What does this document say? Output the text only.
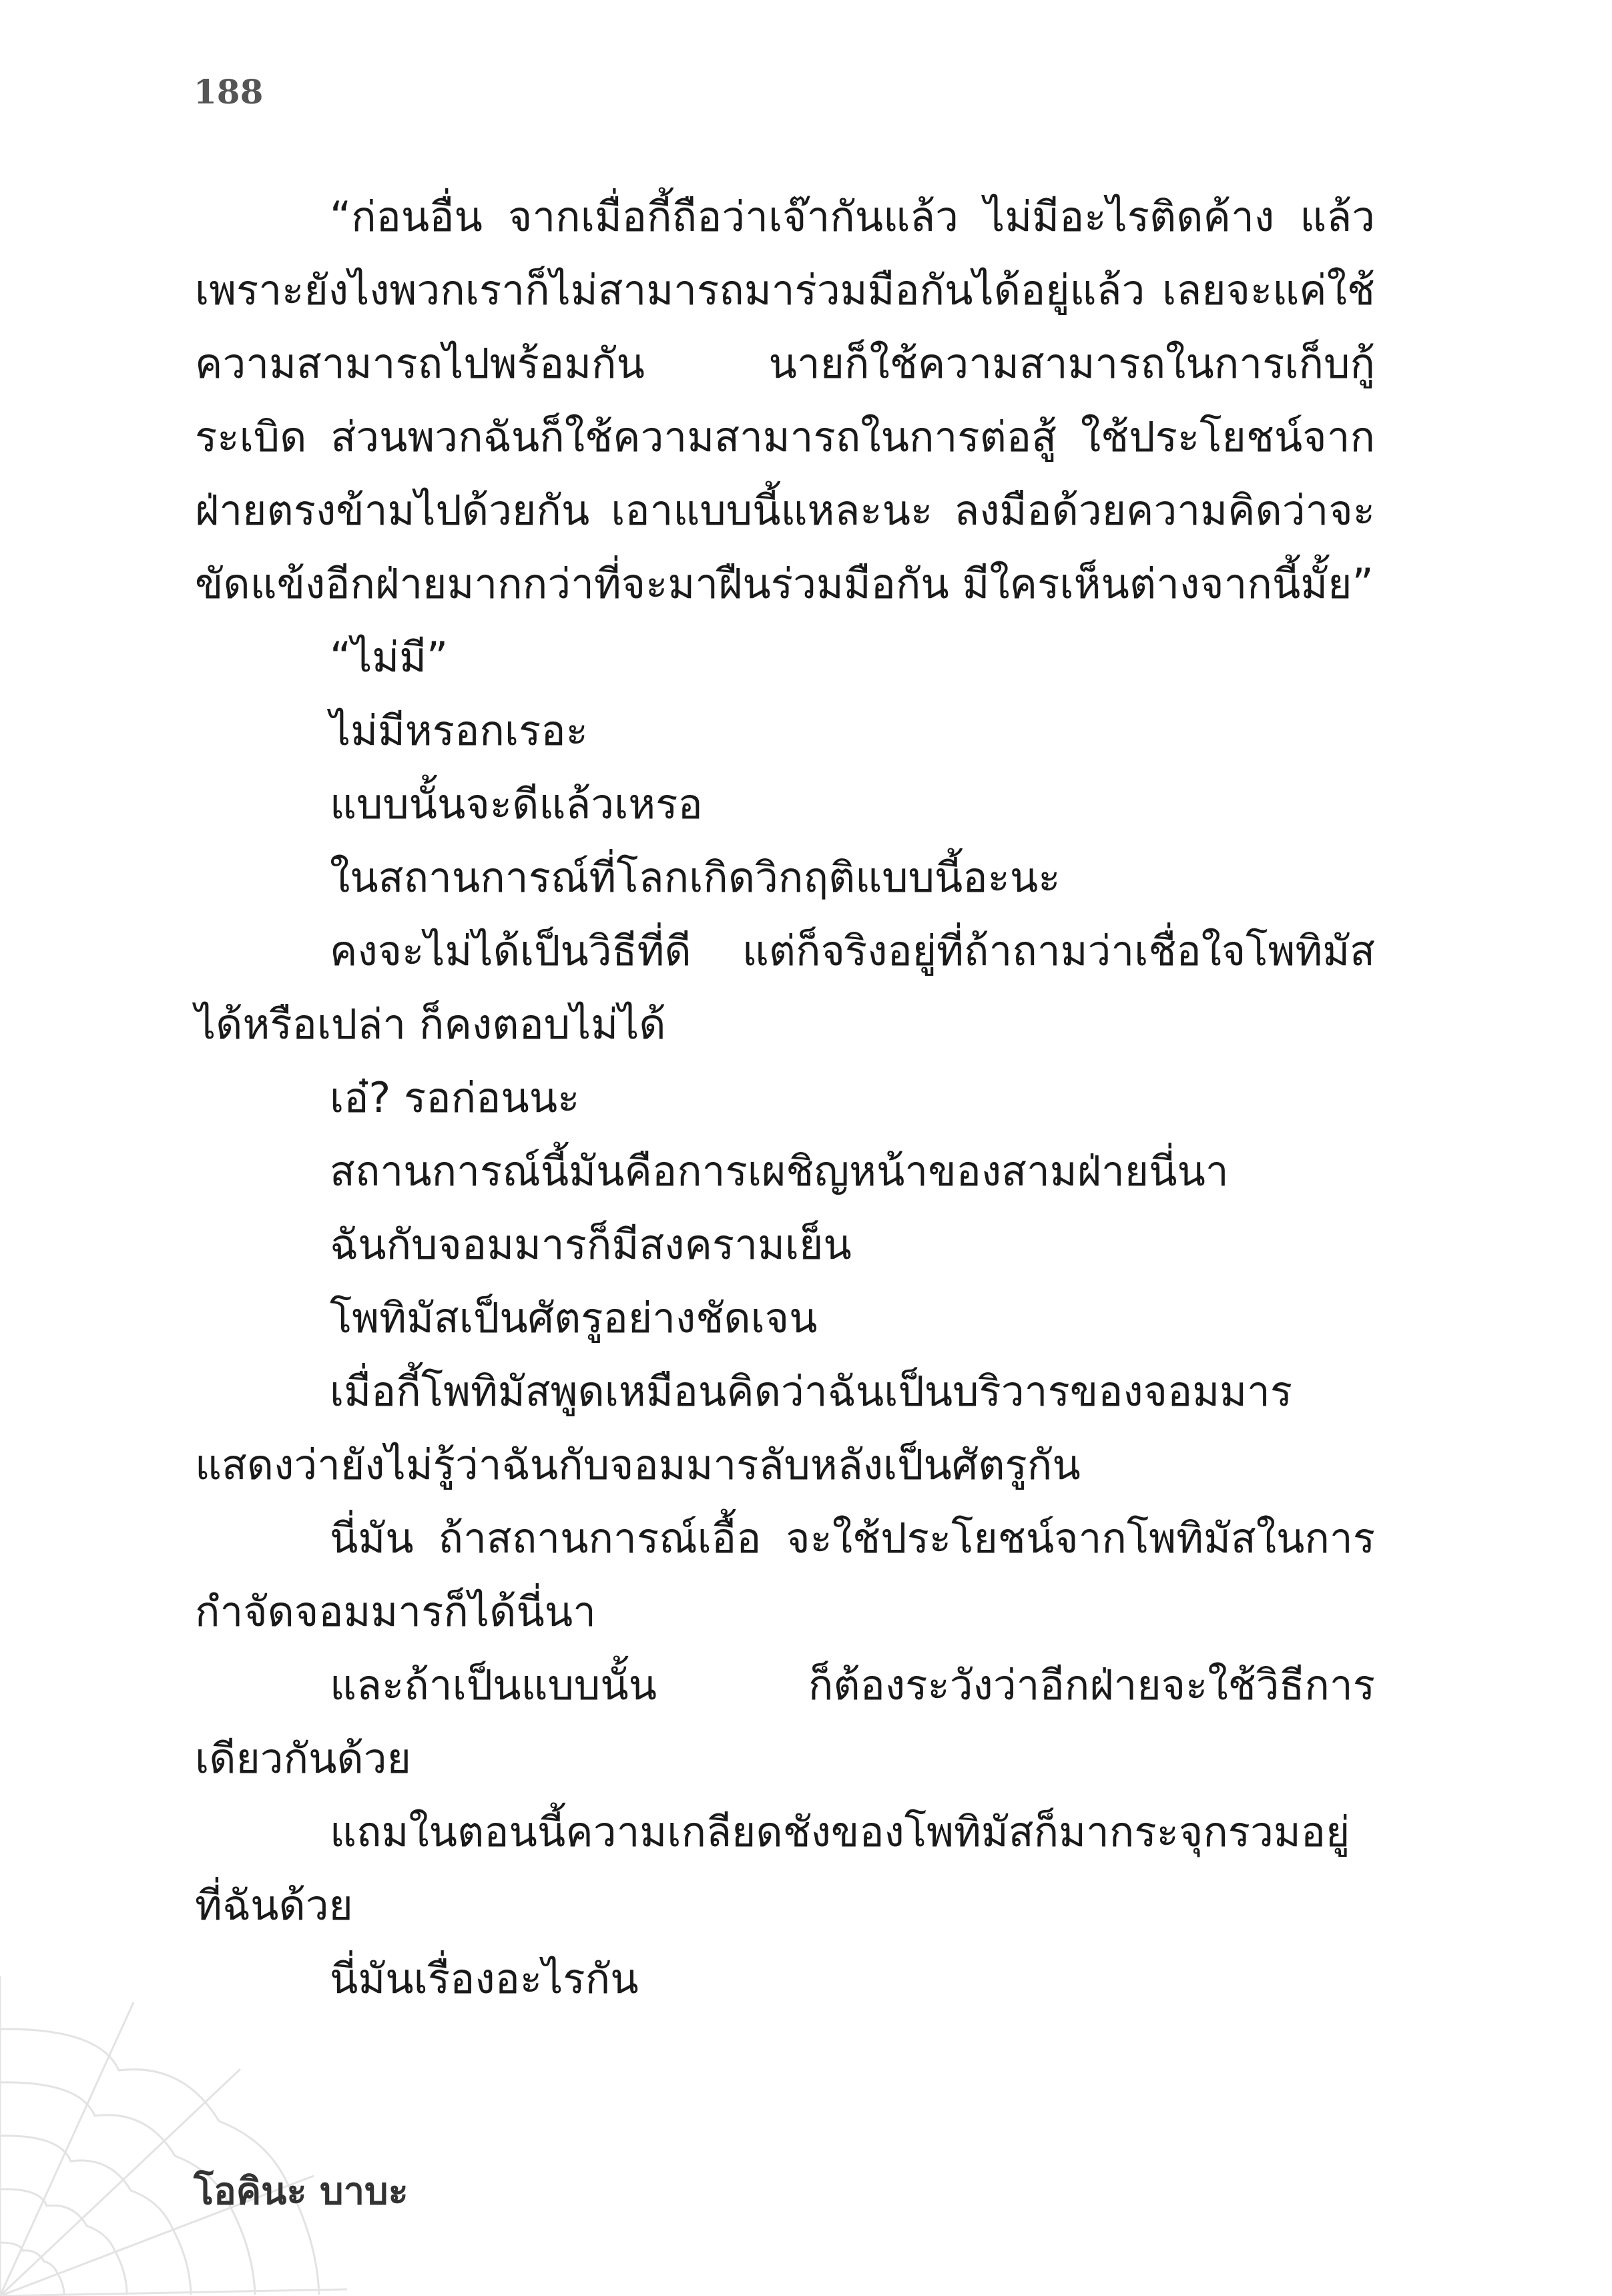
188

“ก่อนอื่น จากเมื่อกี้ถือว่าเจ๊ากันแล้ว ไม่มีอะไรติดค้าง แล้วเพราะยังไงพวกเราก็ไม่สามารถมาร่วมมือกันได้อยู่แล้ว เลยจะแค่ใช้ความสามารถไปพร้อมกัน นายก็ใช้ความสามารถในการเก็บกู้ระเบิด ส่วนพวกฉันก็ใช้ความสามารถในการต่อสู้ ใช้ประโยชน์จากฝ่ายตรงข้ามไปด้วยกัน เอาแบบนี้แหละนะ ลงมือด้วยความคิดว่าจะขัดแข้งอีกฝ่ายมากกว่าที่จะมาฝืนร่วมมือกัน มีใครเห็นต่างจากนี้มั้ย”

“ไม่มี”

ไม่มีหรอกเรอะ

แบบนั้นจะดีแล้วเหรอ

ในสถานการณ์ที่โลกเกิดวิกฤติแบบนี้อะนะ

คงจะไม่ได้เป็นวิธีที่ดี แต่ก็จริงอยู่ที่ถ้าถามว่าเชื่อใจโพทิมัสได้หรือเปล่า ก็คงตอบไม่ได้

เอ๋? รอก่อนนะ

สถานการณ์นี้มันคือการเผชิญหน้าของสามฝ่ายนี่นา

ฉันกับจอมมารก็มีสงครามเย็น

โพทิมัสเป็นศัตรูอย่างชัดเจน

เมื่อกี้โพทิมัสพูดเหมือนคิดว่าฉันเป็นบริวารของจอมมาร แสดงว่ายังไม่รู้ว่าฉันกับจอมมารลับหลังเป็นศัตรูกัน

นี่มัน ถ้าสถานการณ์เอื้อ จะใช้ประโยชน์จากโพทิมัสในการกำจัดจอมมารก็ได้นี่นา

และถ้าเป็นแบบนั้น ก็ต้องระวังว่าอีกฝ่ายจะใช้วิธีการเดียวกันด้วย

แถมในตอนนี้ความเกลียดชังของโพทิมัสก็มากระจุกรวมอยู่ที่ฉันด้วย

นี่มันเรื่องอะไรกัน

โอคินะ บาบะ
